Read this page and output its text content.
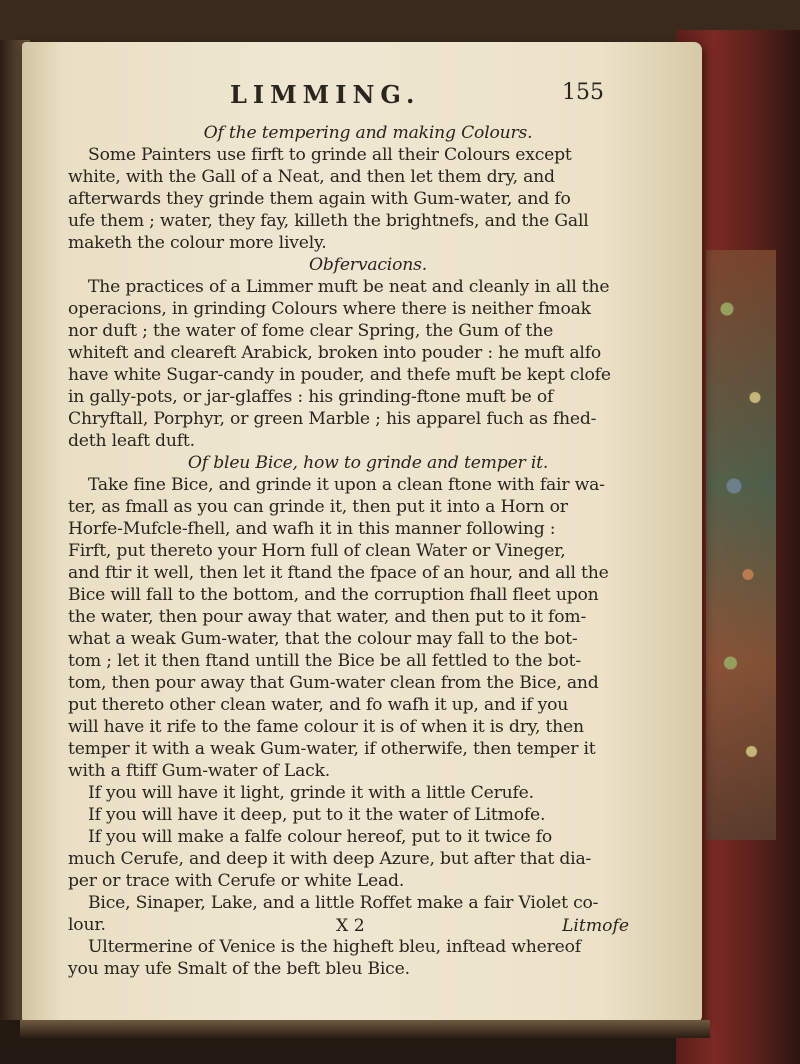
LIMMING.	155
Of the tempering and making Colours.
Some Painters use firft to grinde all their Colours except
white, with the Gall of a Neat, and then let them dry, and
afterwards they grinde them again with Gum-water, and fo
ufe them ; water, they fay, killeth the brightnefs, and the Gall
maketh the colour more lively.
Obfervacions.
The practices of a Limmer muft be neat and cleanly in all the
operacions, in grinding Colours where there is neither fmoak
nor duft ; the water of fome clear Spring, the Gum of the
whiteft and cleareft Arabick, broken into pouder : he muft alfo
have white Sugar-candy in pouder, and thefe muft be kept clofe
in gally-pots, or jar-glaffes : his grinding-ftone muft be of
Chryftall, Porphyr, or green Marble ; his apparel fuch as fhed-
deth leaft duft.
Of bleu Bice, how to grinde and temper it.
Take fine Bice, and grinde it upon a clean ftone with fair wa-
ter, as fmall as you can grinde it, then put it into a Horn or
Horfe-Mufcle-fhell, and wafh it in this manner following :
Firft, put thereto your Horn full of clean Water or Vineger,
and ftir it well, then let it ftand the fpace of an hour, and all the
Bice will fall to the bottom, and the corruption fhall fleet upon
the water, then pour away that water, and then put to it fom-
what a weak Gum-water, that the colour may fall to the bot-
tom ; let it then ftand untill the Bice be all fettled to the bot-
tom, then pour away that Gum-water clean from the Bice, and
put thereto other clean water, and fo wafh it up, and if you
will have it rife to the fame colour it is of when it is dry, then
temper it with a weak Gum-water, if otherwife, then temper it
with a ftiff Gum-water of Lack.
If you will have it light, grinde it with a little Cerufe.
If you will have it deep, put to it the water of Litmofe.
If you will make a falfe colour hereof, put to it twice fo
much Cerufe, and deep it with deep Azure, but after that dia-
per or trace with Cerufe or white Lead.
Bice, Sinaper, Lake, and a little Roffet make a fair Violet co-
lour.
Ultermerine of Venice is the higheft bleu, inftead whereof
you may ufe Smalt of the beft bleu Bice.
X 2	Litmofe
